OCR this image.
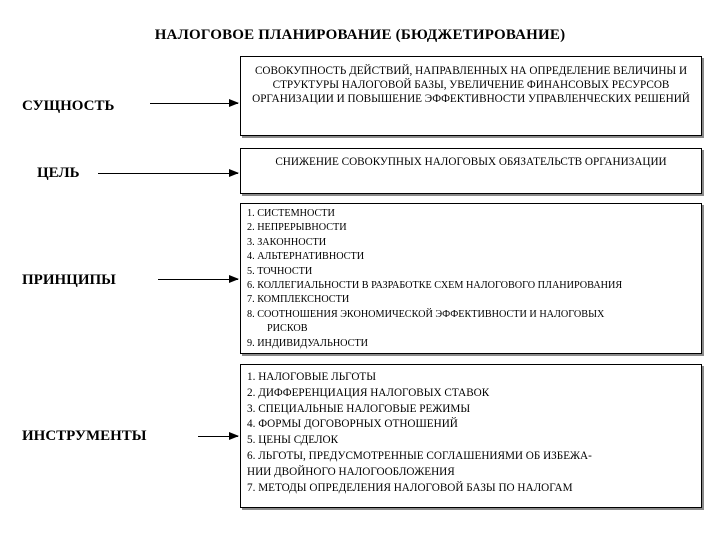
НАЛОГОВОЕ ПЛАНИРОВАНИЕ (БЮДЖЕТИРОВАНИЕ)
СУЩНОСТЬ
СОВОКУПНОСТЬ ДЕЙСТВИЙ, НАПРАВЛЕННЫХ НА ОПРЕДЕЛЕНИЕ ВЕЛИЧИНЫ И СТРУКТУРЫ НАЛОГОВОЙ БАЗЫ, УВЕЛИЧЕНИЕ ФИНАНСОВЫХ РЕСУРСОВ ОРГАНИЗАЦИИ И ПОВЫШЕНИЕ ЭФФЕКТИВНОСТИ УПРАВЛЕНЧЕСКИХ РЕШЕНИЙ
ЦЕЛЬ
СНИЖЕНИЕ СОВОКУПНЫХ НАЛОГОВЫХ ОБЯЗАТЕЛЬСТВ ОРГАНИЗАЦИИ
ПРИНЦИПЫ
1. СИСТЕМНОСТИ
2. НЕПРЕРЫВНОСТИ
3. ЗАКОННОСТИ
4. АЛЬТЕРНАТИВНОСТИ
5. ТОЧНОСТИ
6. КОЛЛЕГИАЛЬНОСТИ В РАЗРАБОТКЕ СХЕМ НАЛОГОВОГО ПЛАНИРОВАНИЯ
7. КОМПЛЕКСНОСТИ
8. СООТНОШЕНИЯ ЭКОНОМИЧЕСКОЙ ЭФФЕКТИВНОСТИ И НАЛОГОВЫХ
РИСКОВ
9. ИНДИВИДУАЛЬНОСТИ
ИНСТРУМЕНТЫ
1. НАЛОГОВЫЕ ЛЬГОТЫ
2. ДИФФЕРЕНЦИАЦИЯ НАЛОГОВЫХ СТАВОК
3. СПЕЦИАЛЬНЫЕ НАЛОГОВЫЕ РЕЖИМЫ
4. ФОРМЫ ДОГОВОРНЫХ ОТНОШЕНИЙ
5. ЦЕНЫ СДЕЛОК
6. ЛЬГОТЫ, ПРЕДУСМОТРЕННЫЕ СОГЛАШЕНИЯМИ ОБ ИЗБЕЖА-
НИИ ДВОЙНОГО НАЛОГООБЛОЖЕНИЯ
7. МЕТОДЫ ОПРЕДЕЛЕНИЯ НАЛОГОВОЙ БАЗЫ ПО НАЛОГАМ
